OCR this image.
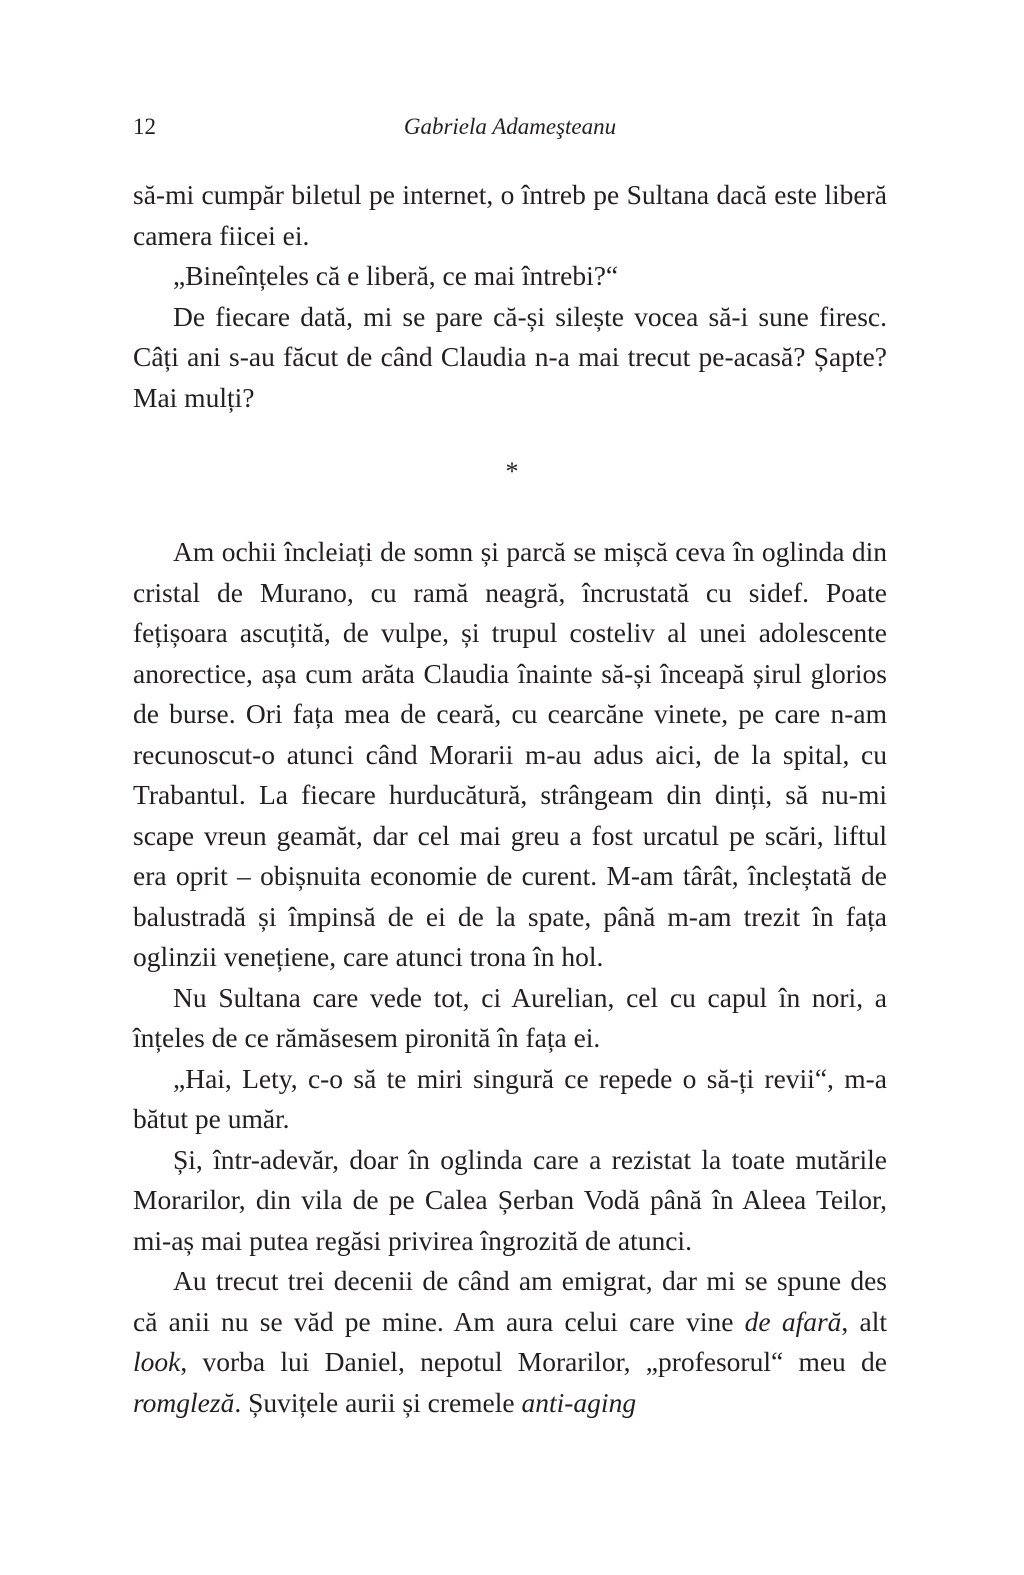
12	Gabriela Adameşteanu

să-mi cumpăr biletul pe internet, o întreb pe Sultana dacă este liberă camera fiicei ei.

„Bineînțeles că e liberă, ce mai întrebi?“

De fiecare dată, mi se pare că-și silește vocea să-i sune firesc. Câți ani s-au făcut de când Claudia n-a mai trecut pe-acasă? Șapte? Mai mulți?

*

Am ochii încleiați de somn și parcă se mișcă ceva în oglinda din cristal de Murano, cu ramă neagră, încrustată cu sidef. Poate fețișoara ascuțită, de vulpe, și trupul costeliv al unei adolescente anorectice, așa cum arăta Claudia înainte să-și înceapă șirul glorios de burse. Ori fața mea de ceară, cu cearcăne vinete, pe care n-am recunoscut-o atunci când Morarii m-au adus aici, de la spital, cu Trabantul. La fiecare hurducătură, strângeam din dinți, să nu-mi scape vreun geamăt, dar cel mai greu a fost urcatul pe scări, liftul era oprit – obișnuita economie de curent. M-am târât, încleștată de balustradă și împinsă de ei de la spate, până m-am trezit în fața oglinzii venețiene, care atunci trona în hol.

Nu Sultana care vede tot, ci Aurelian, cel cu capul în nori, a înțeles de ce rămăsesem pironită în fața ei.

„Hai, Lety, c-o să te miri singură ce repede o să-ți revii“, m-a bătut pe umăr.

Și, într-adevăr, doar în oglinda care a rezistat la toate mutările Morarilor, din vila de pe Calea Șerban Vodă până în Aleea Teilor, mi-aș mai putea regăsi privirea îngrozită de atunci.

Au trecut trei decenii de când am emigrat, dar mi se spune des că anii nu se văd pe mine. Am aura celui care vine de afară, alt look, vorba lui Daniel, nepotul Morarilor, „profesorul“ meu de romgleză. Șuvițele aurii și cremele anti-aging
